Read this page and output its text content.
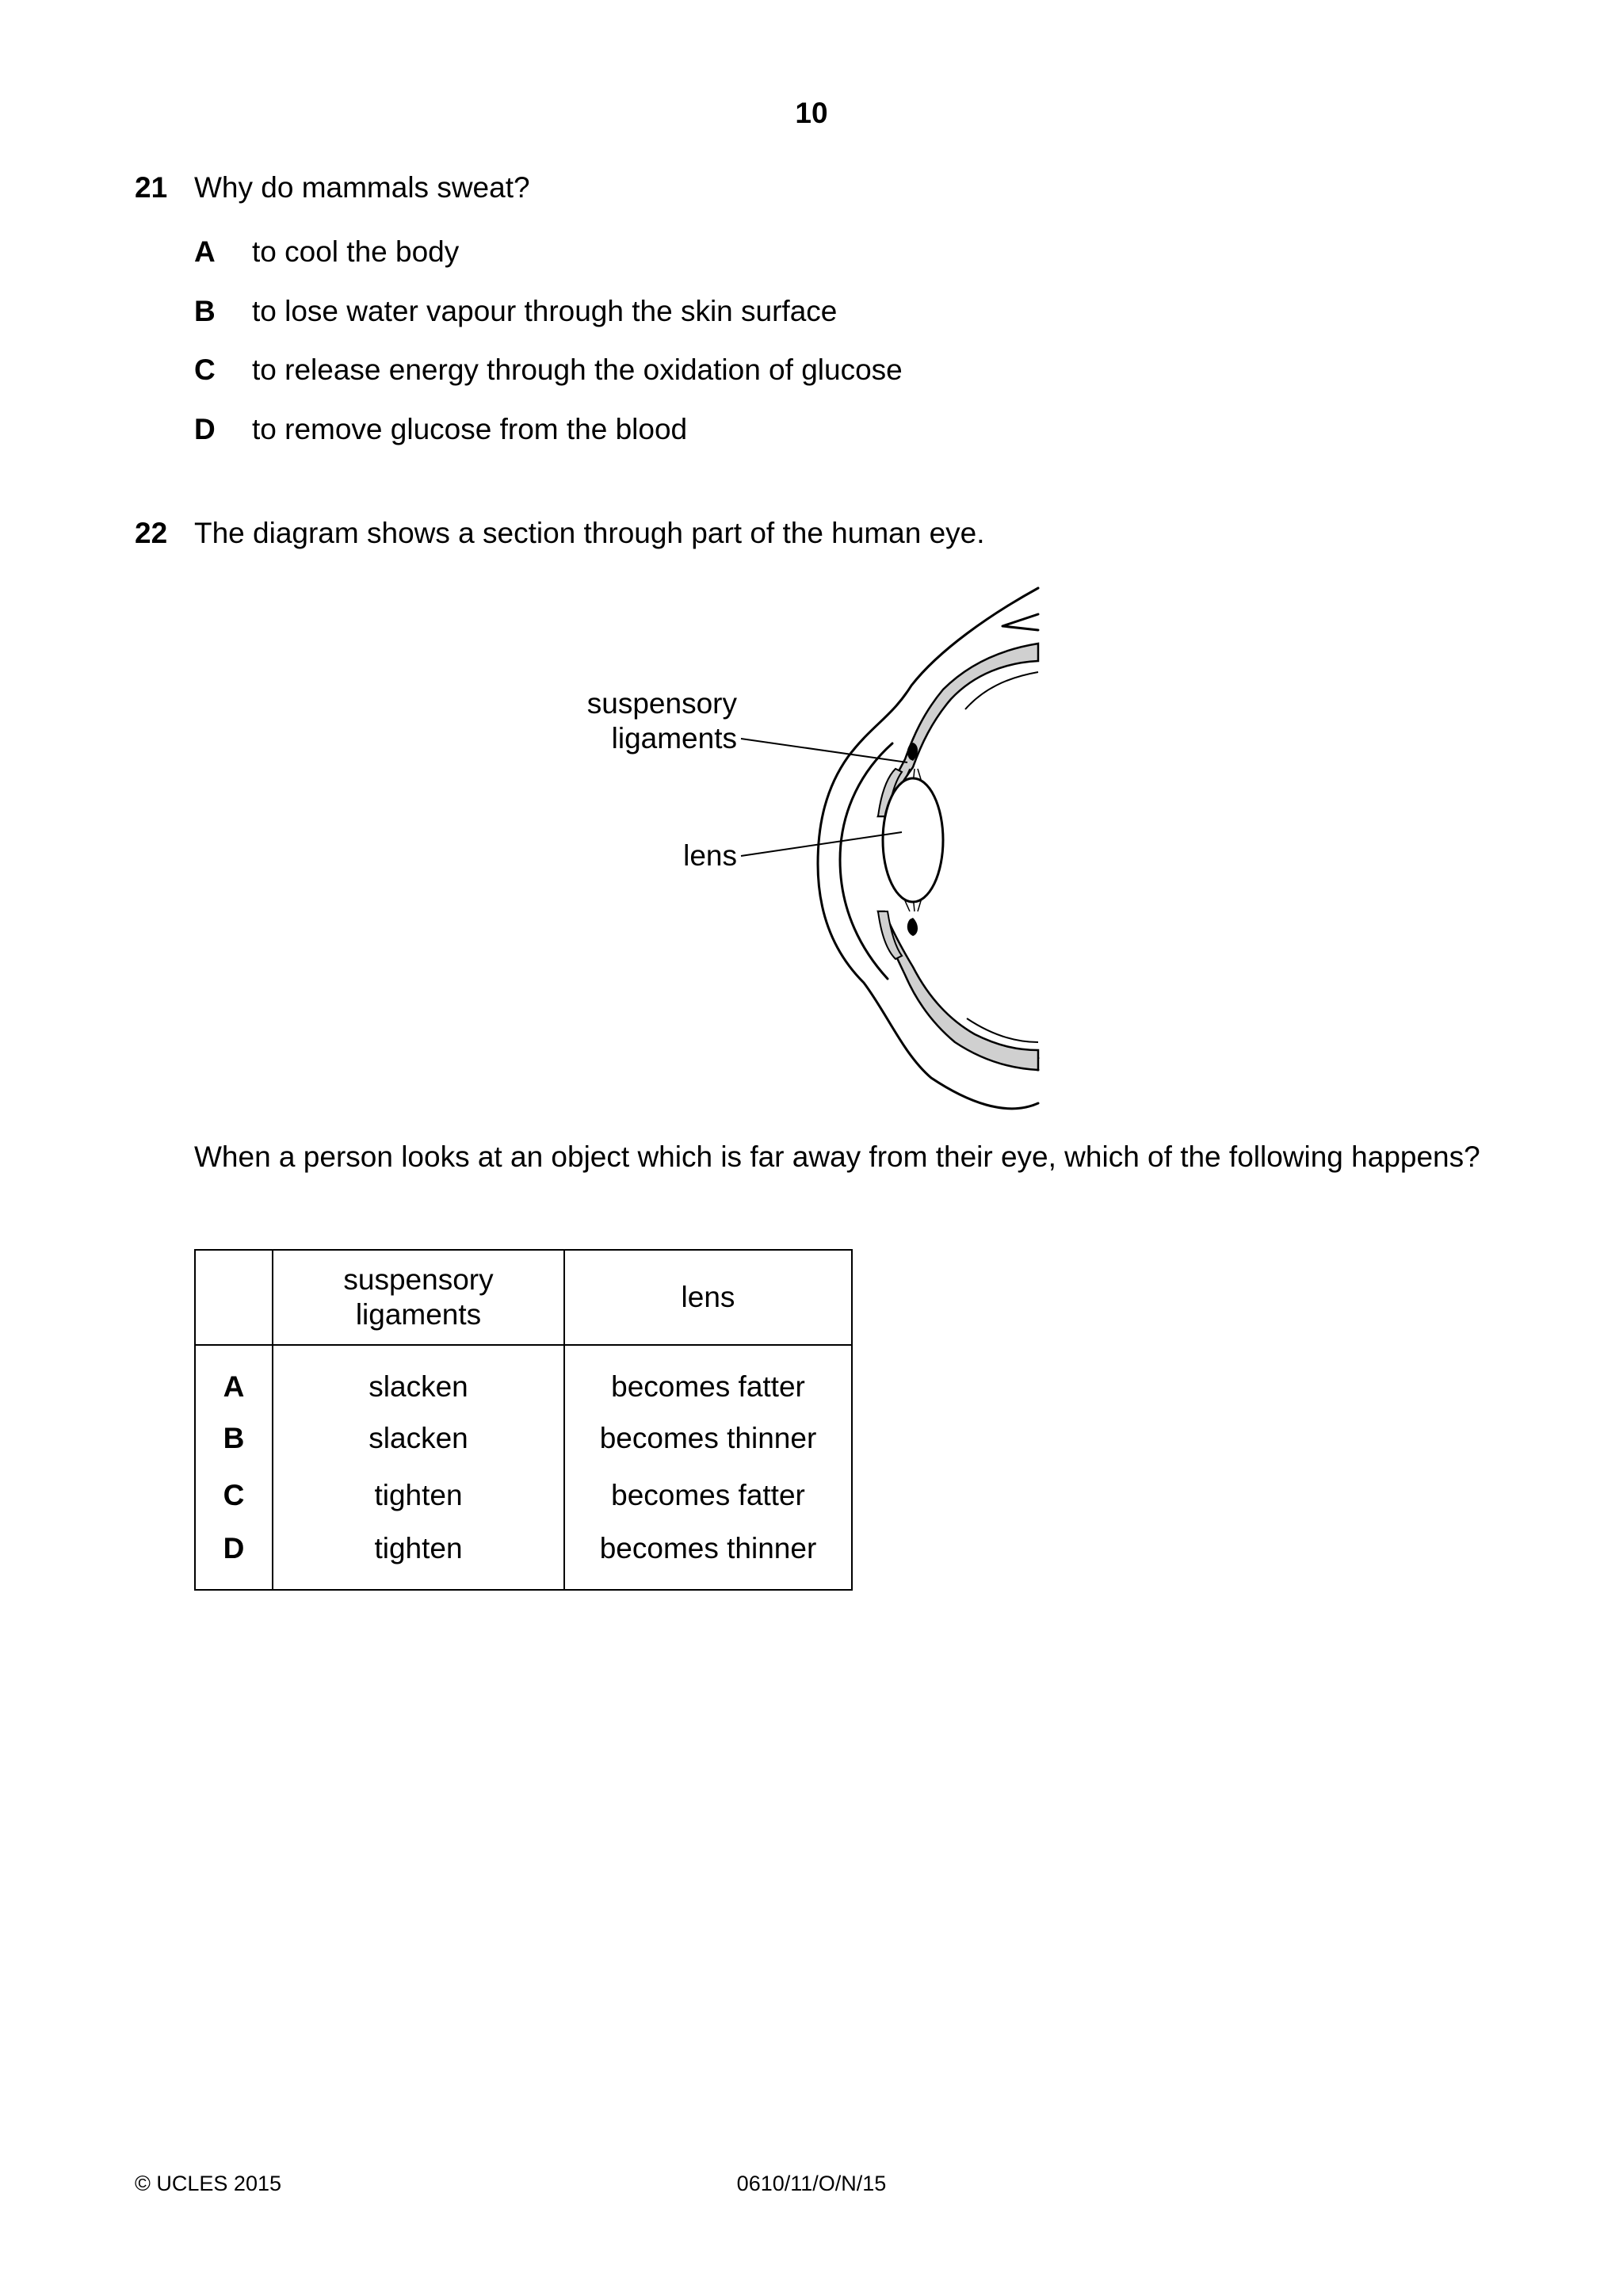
10
21 Why do mammals sweat?
A to cool the body
B to lose water vapour through the skin surface
C to release energy through the oxidation of glucose
D to remove glucose from the blood
22 The diagram shows a section through part of the human eye.
suspensory
ligaments
lens
When a person looks at an object which is far away from their eye, which of the following happens?
	suspensory
ligaments	lens
A	slacken	becomes fatter
B	slacken	becomes thinner
C	tighten	becomes fatter
D	tighten	becomes thinner
© UCLES 2015	0610/11/O/N/15
